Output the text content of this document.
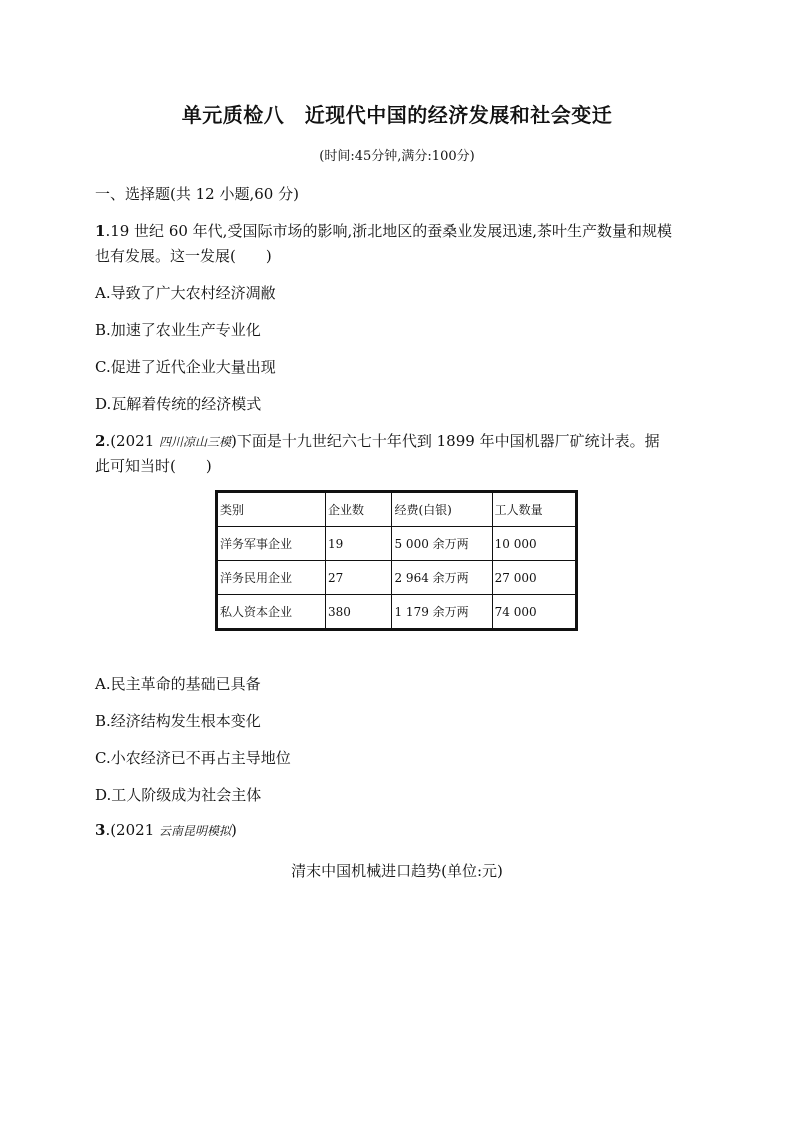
单元质检八　近现代中国的经济发展和社会变迁
(时间:45分钟,满分:100分)
一、选择题(共 12 小题,60 分)
1.19 世纪 60 年代,受国际市场的影响,浙北地区的蚕桑业发展迅速,茶叶生产数量和规模
也有发展。这一发展(　　)
A.导致了广大农村经济凋敝
B.加速了农业生产专业化
C.促进了近代企业大量出现
D.瓦解着传统的经济模式
2.(2021 四川凉山三模)下面是十九世纪六七十年代到 1899 年中国机器厂矿统计表。据
此可知当时(　　)
类别	企业数	经费(白银)	工人数量
洋务军事企业	19	5 000 余万两	10 000
洋务民用企业	27	2 964 余万两	27 000
私人资本企业	380	1 179 余万两	74 000
A.民主革命的基础已具备
B.经济结构发生根本变化
C.小农经济已不再占主导地位
D.工人阶级成为社会主体
3.(2021 云南昆明模拟)
清末中国机械进口趋势(单位:元)
